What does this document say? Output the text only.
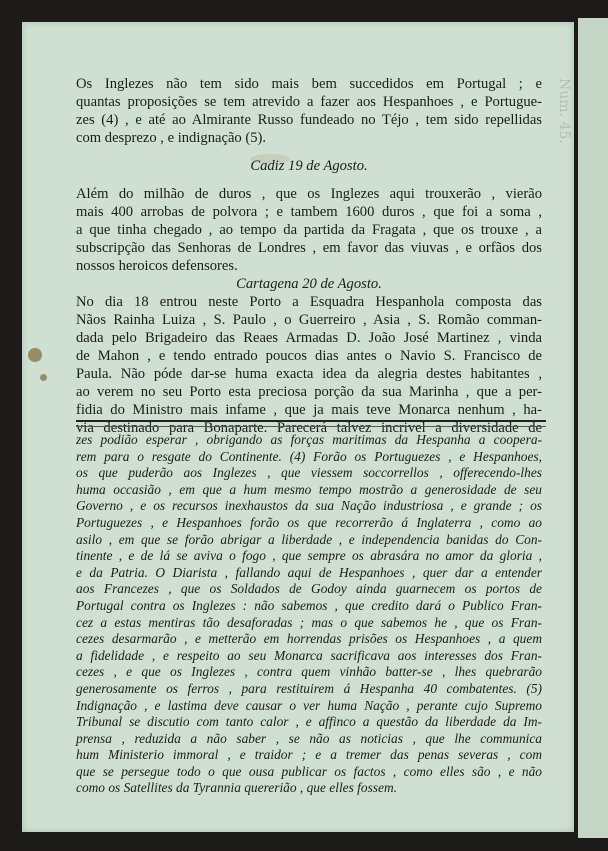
Num. 45.
Os Inglezes não tem sido mais bem succedidos em Portugal ; e
quantas proposições se tem atrevido a fazer aos Hespanhoes , e Portugue-
zes (4) , e até ao Almirante Russo fundeado no Téjo , tem sido repellidas
com desprezo , e indignação (5).
Cadiz 19 de Agosto.
Além do milhão de duros , que os Inglezes aqui trouxerão , vierão
mais 400 arrobas de polvora ; e tambem 1600 duros , que foi a soma ,
a que tinha chegado , ao tempo da partida da Fragata , que os trouxe , a
subscripção das Senhoras de Londres , em favor das viuvas , e orfãos dos
nossos heroicos defensores.
Cartagena 20 de Agosto.
No dia 18 entrou neste Porto a Esquadra Hespanhola composta das
Nãos Rainha Luiza , S. Paulo , o Guerreiro , Asia , S. Romão comman-
dada pelo Brigadeiro das Reaes Armadas D. João José Martinez , vinda
de Mahon , e tendo entrado poucos dias antes o Navio S. Francisco de
Paula. Não póde dar-se huma exacta idea da alegria destes habitantes ,
ao verem no seu Porto esta preciosa porção da sua Marinha , que a per-
fidia do Ministro mais infame , que ja mais teve Monarca nenhum , ha-
via destinado para Bonaparte. Parecerá talvez incrivel a diversidade de
zes podião esperar , obrigando as forças maritimas da Hespanha a coopera-
rem para o resgate do Continente. (4) Forão os Portuguezes , e Hespanhoes,
os que puderão aos Inglezes , que viessem soccorrellos , offerecendo-lhes
huma occasião , em que a hum mesmo tempo mostrão a generosidade de seu
Governo , e os recursos inexhaustos da sua Nação industriosa , e grande ; os
Portuguezes , e Hespanhoes forão os que recorrerão á Inglaterra , como ao
asilo , em que se forão abrigar a liberdade , e independencia banidas do Con-
tinente , e de lá se aviva o fogo , que sempre os abrasára no amor da gloria ,
e da Patria. O Diarista , fallando aqui de Hespanhoes , quer dar a entender
aos Francezes , que os Soldados de Godoy ainda guarnecem os portos de
Portugal contra os Inglezes : não sabemos , que credito dará o Publico Fran-
cez a estas mentiras tão desaforadas ; mas o que sabemos he , que os Fran-
cezes desarmarão , e metterão em horrendas prisões os Hespanhoes , a quem
a fidelidade , e respeito ao seu Monarca sacrificava aos interesses dos Fran-
cezes , e que os Inglezes , contra quem vinhão batter-se , lhes quebrarão
generosamente os ferros , para restituirem á Hespanha 40 combatentes. (5)
Indignação , e lastima deve causar o ver huma Nação , perante cujo Supremo
Tribunal se discutio com tanto calor , e affinco a questão da liberdade da Im-
prensa , reduzida a não saber , se não as noticias , que lhe communica
hum Ministerio immoral , e traidor ; e a tremer das penas severas , com
que se persegue todo o que ousa publicar os factos , como elles são , e não
como os Satellites da Tyrannia quererião , que elles fossem.
